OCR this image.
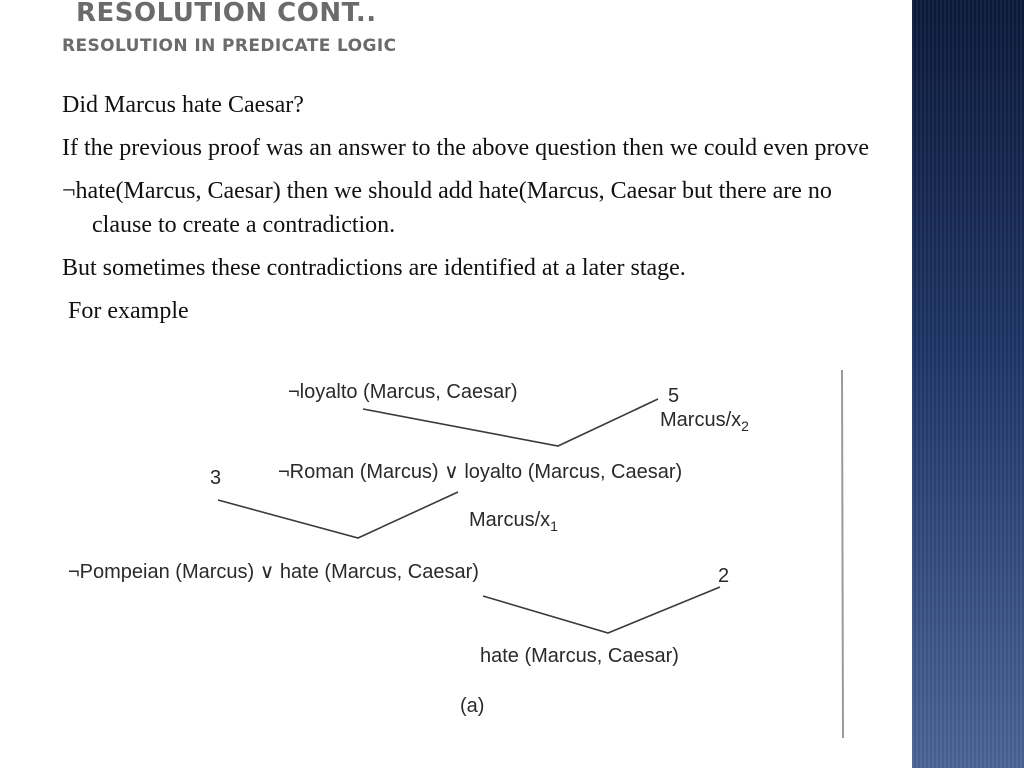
RESOLUTION CONT..
RESOLUTION IN PREDICATE LOGIC

Did Marcus hate Caesar?

If the previous proof was an answer to the above question then we could even prove

¬hate(Marcus, Caesar) then we should add hate(Marcus, Caesar but there are no clause to create a contradiction.

But sometimes these contradictions are identified at a later stage.

For example

¬loyalto (Marcus, Caesar)
¬Roman (Marcus) ∨ loyalto (Marcus, Caesar)
¬Pompeian (Marcus) ∨ hate (Marcus, Caesar)
hate (Marcus, Caesar)
5
3
2
Marcus/$x_2$
Marcus/$x_1$
(a)
